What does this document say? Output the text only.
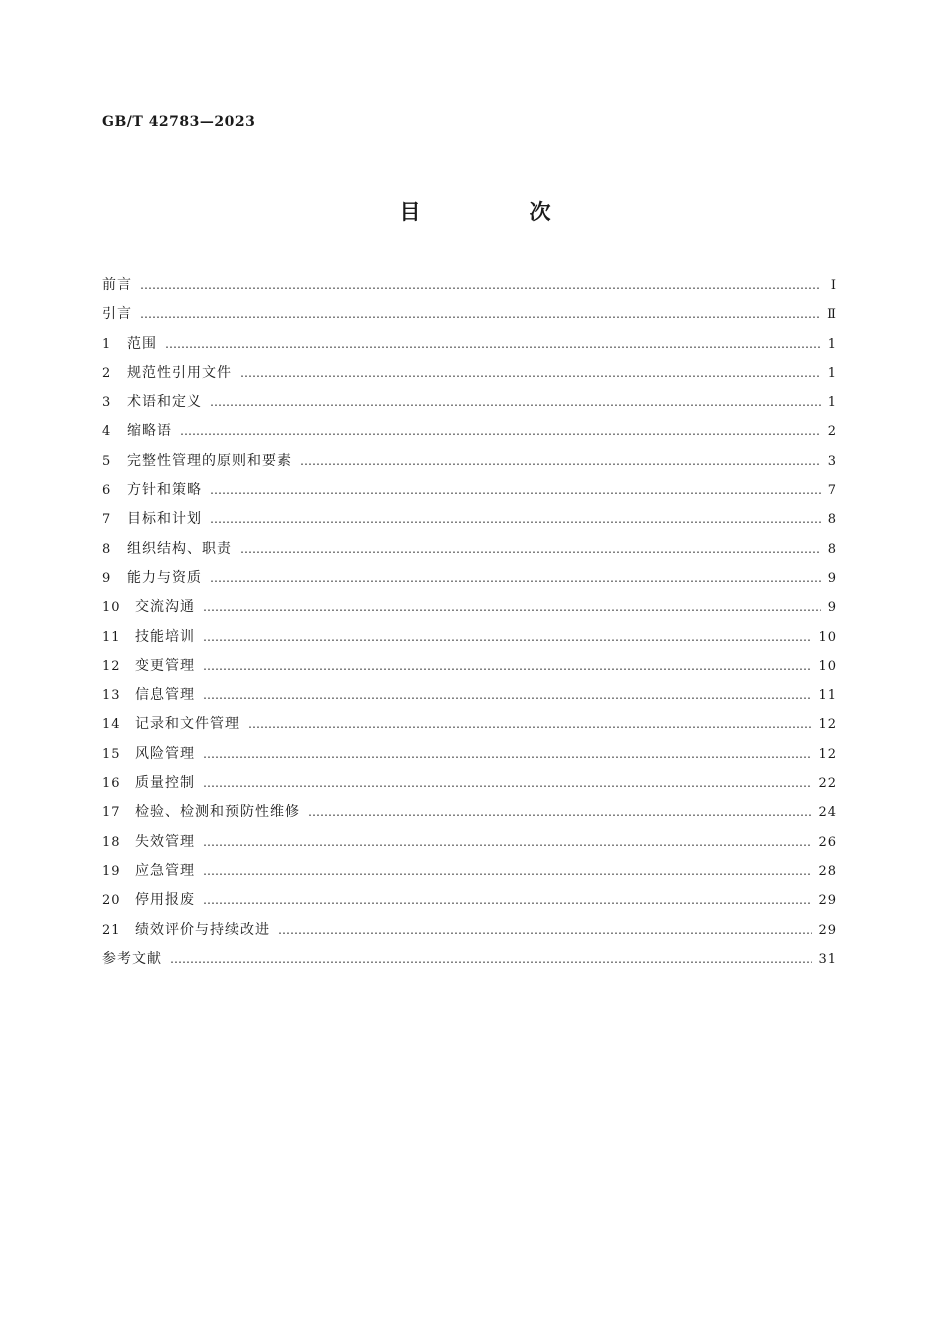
GB/T 42783—2023
目　次
前言 ………………………………………………………………………………………………………………………………………………………………………………………………	Ⅰ
引言 ………………………………………………………………………………………………………………………………………………………………………………………………	Ⅱ
1	范围 ………………………………………………………………………………………………………………………………………………………………………………………………	1
2	规范性引用文件 ………………………………………………………………………………………………………………………………………………………………………………………………	1
3	术语和定义 ………………………………………………………………………………………………………………………………………………………………………………………………	1
4	缩略语 ………………………………………………………………………………………………………………………………………………………………………………………………	2
5	完整性管理的原则和要素 ………………………………………………………………………………………………………………………………………………………………………………………………	3
6	方针和策略 ………………………………………………………………………………………………………………………………………………………………………………………………	7
7	目标和计划 ………………………………………………………………………………………………………………………………………………………………………………………………	8
8	组织结构、职责 ………………………………………………………………………………………………………………………………………………………………………………………………	8
9	能力与资质 ………………………………………………………………………………………………………………………………………………………………………………………………	9
10	交流沟通 ………………………………………………………………………………………………………………………………………………………………………………………………	9
11	技能培训 ………………………………………………………………………………………………………………………………………………………………………………………………	10
12	变更管理 ………………………………………………………………………………………………………………………………………………………………………………………………	10
13	信息管理 ………………………………………………………………………………………………………………………………………………………………………………………………	11
14	记录和文件管理 ………………………………………………………………………………………………………………………………………………………………………………………………	12
15	风险管理 ………………………………………………………………………………………………………………………………………………………………………………………………	12
16	质量控制 ………………………………………………………………………………………………………………………………………………………………………………………………	22
17	检验、检测和预防性维修 ………………………………………………………………………………………………………………………………………………………………………………………………	24
18	失效管理 ………………………………………………………………………………………………………………………………………………………………………………………………	26
19	应急管理 ………………………………………………………………………………………………………………………………………………………………………………………………	28
20	停用报废 ………………………………………………………………………………………………………………………………………………………………………………………………	29
21	绩效评价与持续改进 ………………………………………………………………………………………………………………………………………………………………………………………………	29
参考文献 ………………………………………………………………………………………………………………………………………………………………………………………………	31
